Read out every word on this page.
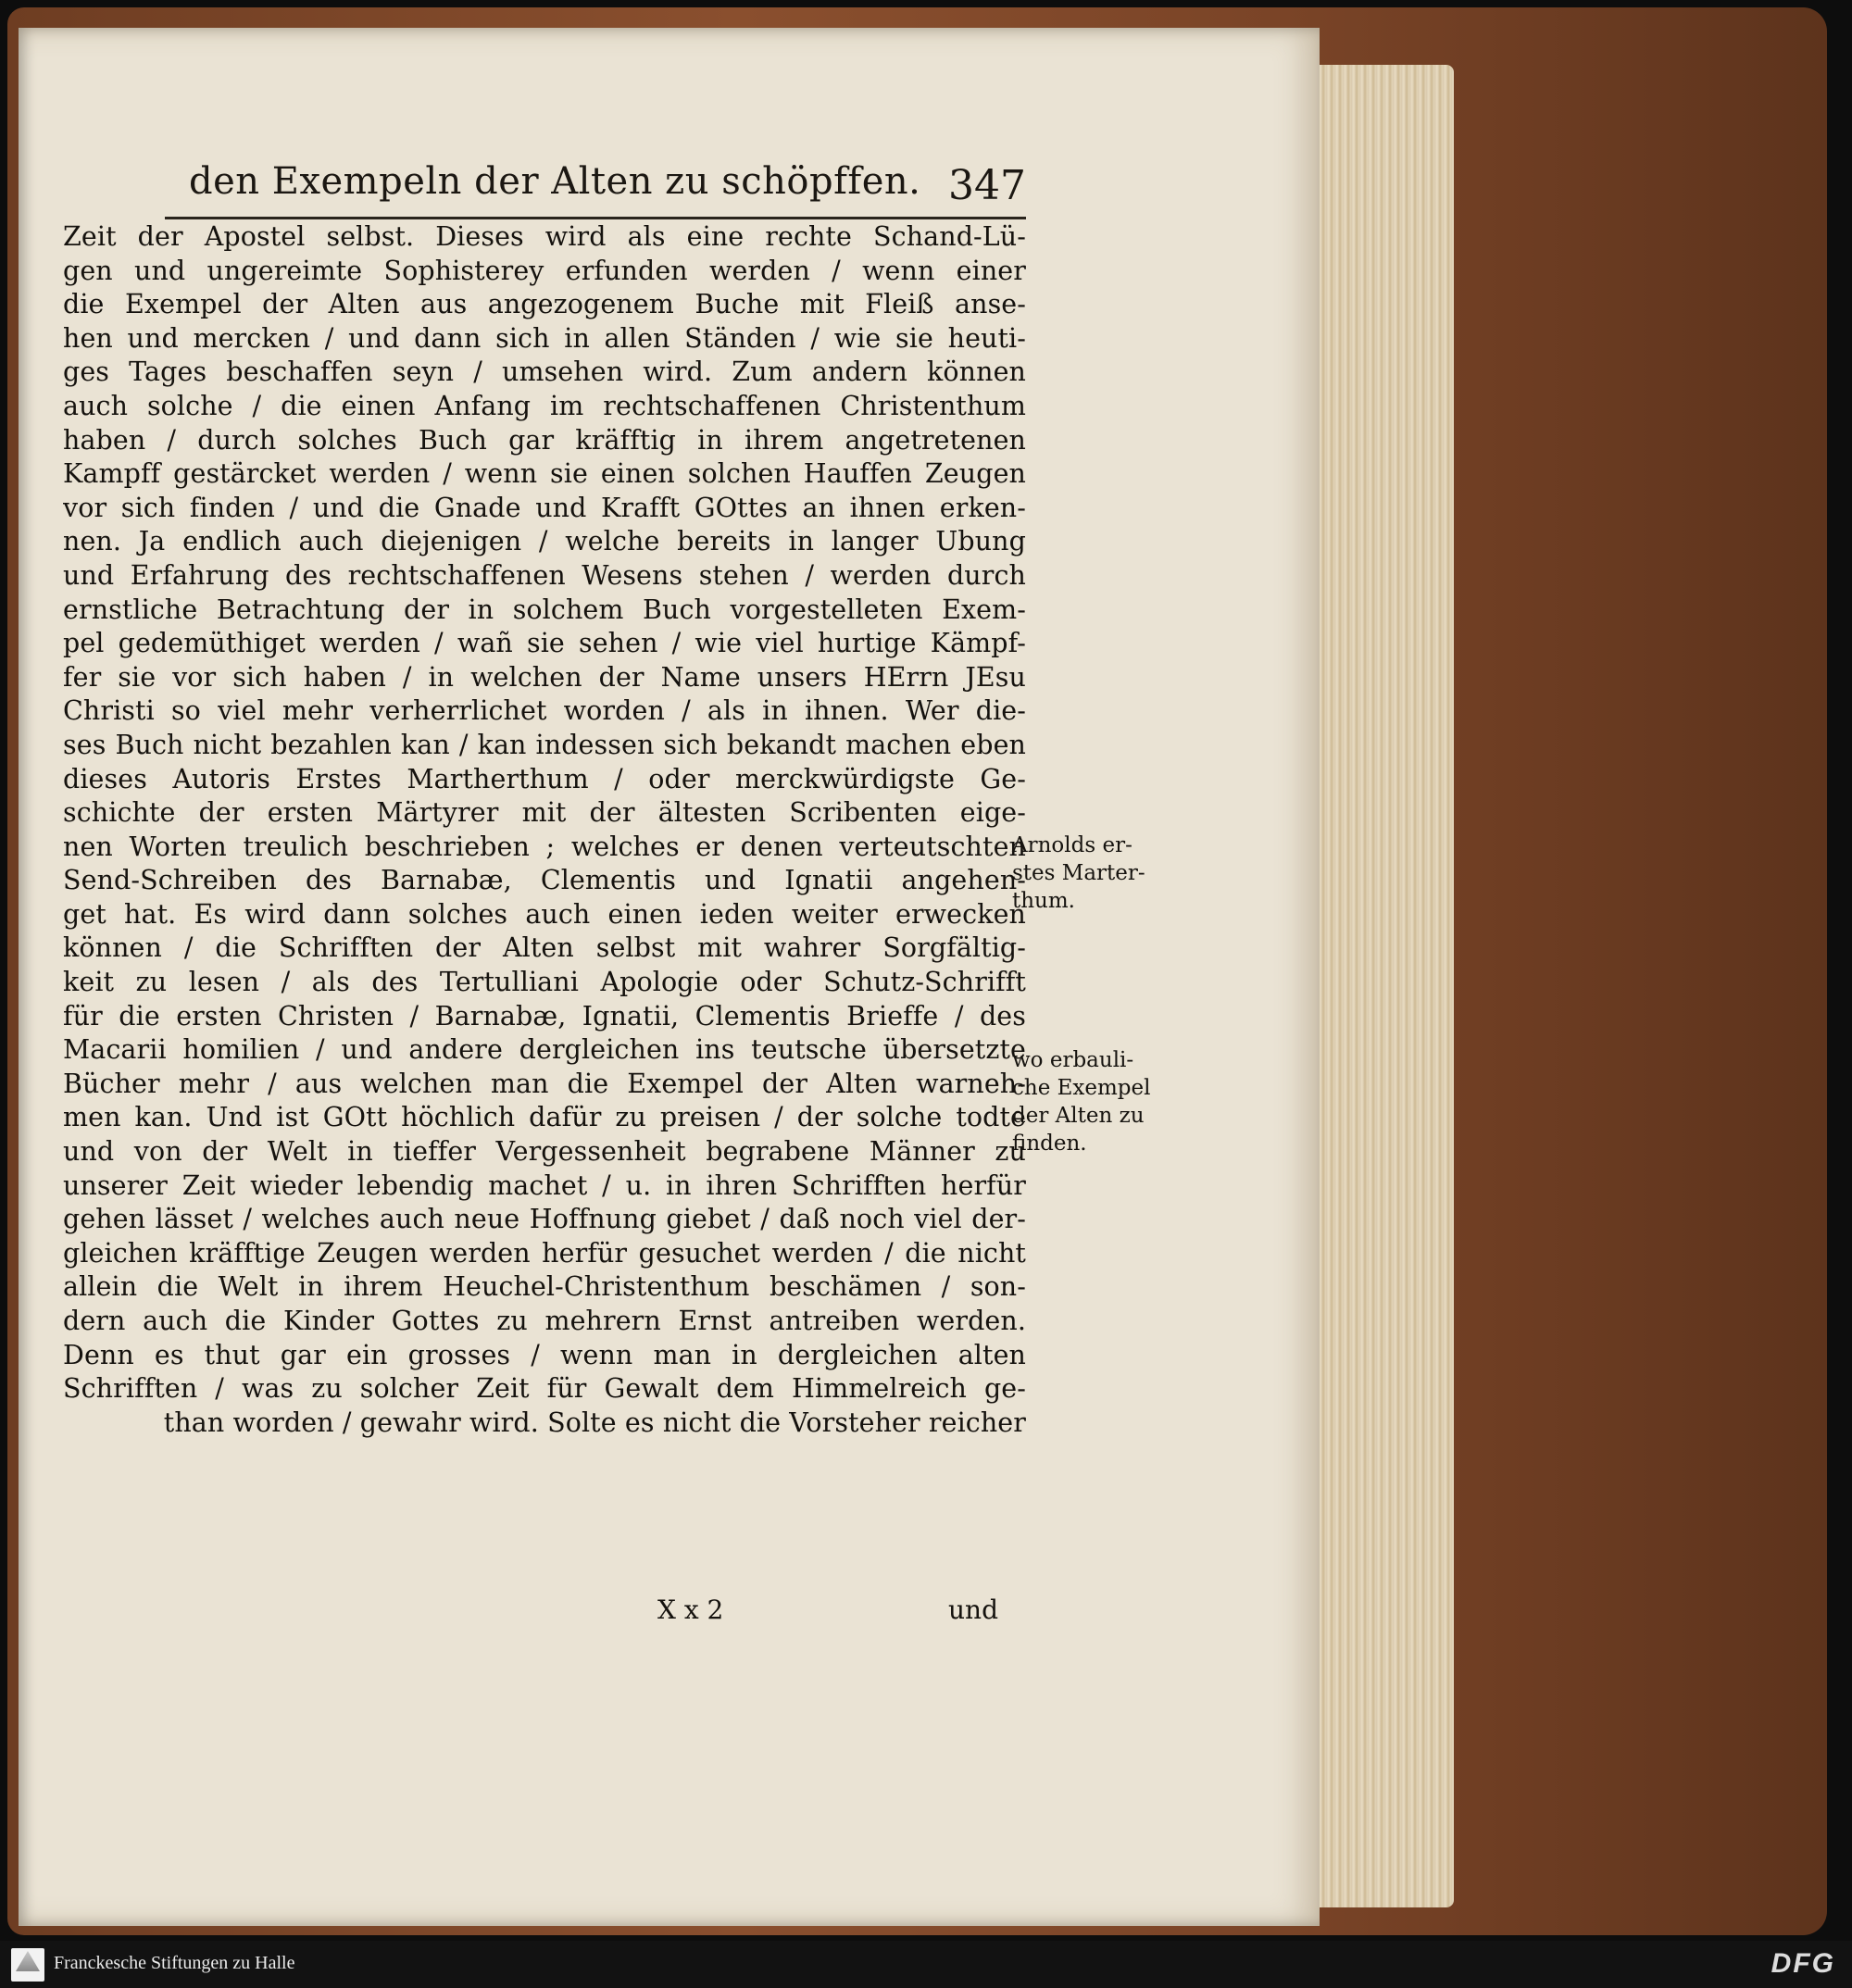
den Exempeln der Alten zu schöpffen. 347
Zeit der Apostel selbst. Dieses wird als eine rechte Schand-Lü-
gen und ungereimte Sophisterey erfunden werden / wenn einer
die Exempel der Alten aus angezogenem Buche mit Fleiß anse-
hen und mercken / und dann sich in allen Ständen / wie sie heuti-
ges Tages beschaffen seyn / umsehen wird. Zum andern können
auch solche / die einen Anfang im rechtschaffenen Christenthum
haben / durch solches Buch gar kräfftig in ihrem angetretenen
Kampff gestärcket werden / wenn sie einen solchen Hauffen Zeugen
vor sich finden / und die Gnade und Krafft GOttes an ihnen erken-
nen. Ja endlich auch diejenigen / welche bereits in langer Ubung
und Erfahrung des rechtschaffenen Wesens stehen / werden durch
ernstliche Betrachtung der in solchem Buch vorgestelleten Exem-
pel gedemüthiget werden / wañ sie sehen / wie viel hurtige Kämpf-
fer sie vor sich haben / in welchen der Name unsers HErrn JEsu
Christi so viel mehr verherrlichet worden / als in ihnen. Wer die-
ses Buch nicht bezahlen kan / kan indessen sich bekandt machen eben
dieses Autoris Erstes Martherthum / oder merckwürdigste Ge-
schichte der ersten Märtyrer mit der ältesten Scribenten eige-
nen Worten treulich beschrieben ; welches er denen verteutschten
Send-Schreiben des Barnabæ, Clementis und Ignatii angehen-
get hat. Es wird dann solches auch einen ieden weiter erwecken
können / die Schrifften der Alten selbst mit wahrer Sorgfältig-
keit zu lesen / als des Tertulliani Apologie oder Schutz-Schrifft
für die ersten Christen / Barnabæ, Ignatii, Clementis Brieffe / des
Macarii homilien / und andere dergleichen ins teutsche übersetzte
Bücher mehr / aus welchen man die Exempel der Alten warneh-
men kan. Und ist GOtt höchlich dafür zu preisen / der solche todte
und von der Welt in tieffer Vergessenheit begrabene Männer zu
unserer Zeit wieder lebendig machet / u. in ihren Schrifften herfür
gehen lässet / welches auch neue Hoffnung giebet / daß noch viel der-
gleichen kräfftige Zeugen werden herfür gesuchet werden / die nicht
allein die Welt in ihrem Heuchel-Christenthum beschämen / son-
dern auch die Kinder Gottes zu mehrern Ernst antreiben werden.
Denn es thut gar ein grosses / wenn man in dergleichen alten
Schrifften / was zu solcher Zeit für Gewalt dem Himmelreich ge-
than worden / gewahr wird. Solte es nicht die Vorsteher reicher
Arnolds er-
stes Marter-
thum.
wo erbauli-
che Exempel
der Alten zu
finden.
X x 2	und
Franckesche Stiftungen zu Halle	DFG
